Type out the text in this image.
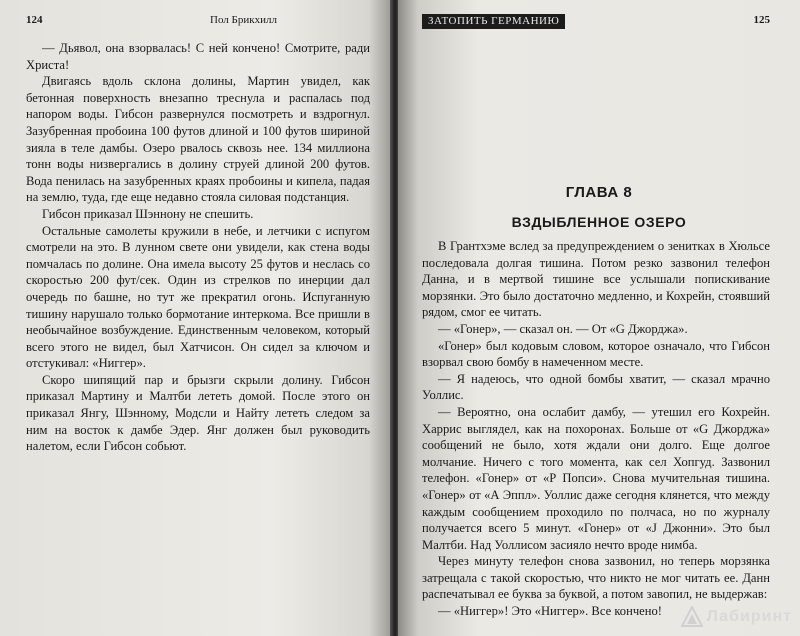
124	Пол Брикхилл

— Дьявол, она взорвалась! С ней кончено! Смотрите, ради Христа!

Двигаясь вдоль склона долины, Мартин увидел, как бетонная поверхность внезапно треснула и распалась под напором воды. Гибсон развернулся посмотреть и вздрогнул. Зазубренная пробоина 100 футов длиной и 100 футов шириной зияла в теле дамбы. Озеро рвалось сквозь нее. 134 миллиона тонн воды низвергались в долину струей длиной 200 футов. Вода пенилась на зазубренных краях пробоины и кипела, падая на землю, туда, где еще недавно стояла силовая подстанция.

Гибсон приказал Шэннону не спешить.

Остальные самолеты кружили в небе, и летчики с испугом смотрели на это. В лунном свете они увидели, как стена воды помчалась по долине. Она имела высоту 25 футов и неслась со скоростью 200 фут/сек. Один из стрелков по инерции дал очередь по башне, но тут же прекратил огонь. Испуганную тишину нарушало только бормотание интеркома. Все пришли в необычайное возбуждение. Единственным человеком, который всего этого не видел, был Хатчисон. Он сидел за ключом и отстукивал: «Ниггер».

Скоро шипящий пар и брызги скрыли долину. Гибсон приказал Мартину и Малтби лететь домой. После этого он приказал Янгу, Шэнному, Модсли и Найту лететь следом за ним на восток к дамбе Эдер. Янг должен был руководить налетом, если Гибсон собьют.

ЗАТОПИТЬ ГЕРМАНИЮ	125
ГЛАВА 8
ВЗДЫБЛЕННОЕ ОЗЕРО

В Грантхэме вслед за предупреждением о зенитках в Хюльсе последовала долгая тишина. Потом резко зазвонил телефон Данна, и в мертвой тишине все услышали попискивание морзянки. Это было достаточно медленно, и Кохрейн, стоявший рядом, смог ее читать.

— «Гонер», — сказал он. — От «G Джорджа».

«Гонер» был кодовым словом, которое означало, что Гибсон взорвал свою бомбу в намеченном месте.

— Я надеюсь, что одной бомбы хватит, — сказал мрачно Уоллис.

— Вероятно, она ослабит дамбу, — утешил его Кохрейн. Харрис выглядел, как на похоронах. Больше от «G Джорджа» сообщений не было, хотя ждали они долго. Еще долгое молчание. Ничего с того момента, как сел Хопгуд. Зазвонил телефон. «Гонер» от «Р Попси». Снова мучительная тишина. «Гонер» от «А Эппл». Уоллис даже сегодня клянется, что между каждым сообщением проходило по полчаса, но по журналу получается всего 5 минут. «Гонер» от «J Джонни». Это был Малтби. Над Уоллисом засияло нечто вроде нимба.

Через минуту телефон снова зазвонил, но теперь морзянка затрещала с такой скоростью, что никто не мог читать ее. Данн распечатывал ее буква за буквой, а потом завопил, не выдержав:

— «Ниггер»! Это «Ниггер». Все кончено!	Лабиринт
